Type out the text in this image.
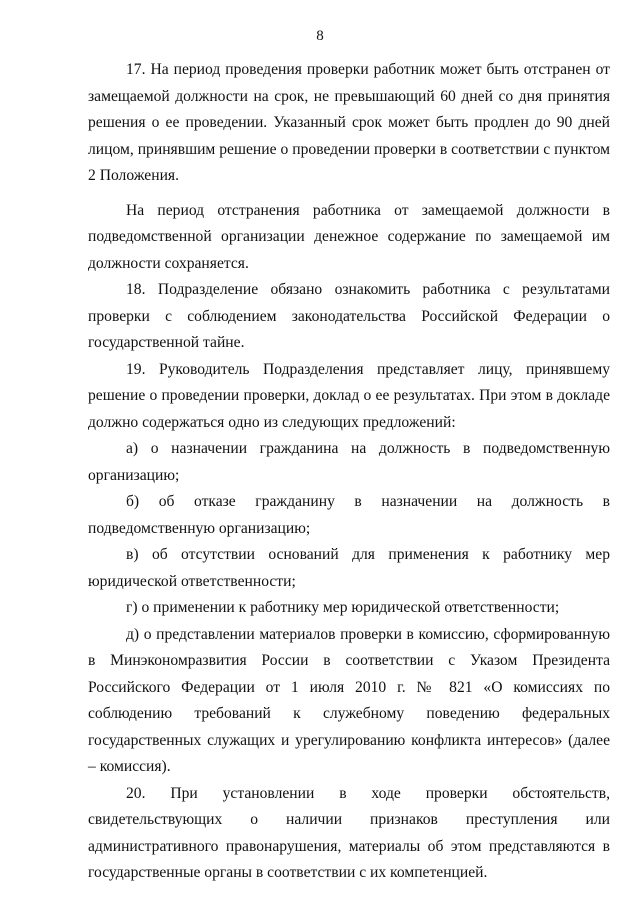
8

17. На период проведения проверки работник может быть отстранен от замещаемой должности на срок, не превышающий 60 дней со дня принятия решения о ее проведении. Указанный срок может быть продлен до 90 дней лицом, принявшим решение о проведении проверки в соответствии с пунктом 2 Положения.

На период отстранения работника от замещаемой должности в подведомственной организации денежное содержание по замещаемой им должности сохраняется.

18. Подразделение обязано ознакомить работника с результатами проверки с соблюдением законодательства Российской Федерации о государственной тайне.

19. Руководитель Подразделения представляет лицу, принявшему решение о проведении проверки, доклад о ее результатах. При этом в докладе должно содержаться одно из следующих предложений:

а) о назначении гражданина на должность в подведомственную организацию;

б) об отказе гражданину в назначении на должность в подведомственную организацию;

в) об отсутствии оснований для применения к работнику мер юридической ответственности;

г) о применении к работнику мер юридической ответственности;

д) о представлении материалов проверки в комиссию, сформированную в Минэкономразвития России в соответствии с Указом Президента Российского Федерации от 1 июля 2010 г. № 821 «О комиссиях по соблюдению требований к служебному поведению федеральных государственных служащих и урегулированию конфликта интересов» (далее – комиссия).

20. При установлении в ходе проверки обстоятельств, свидетельствующих о наличии признаков преступления или административного правонарушения, материалы об этом представляются в государственные органы в соответствии с их компетенцией.
